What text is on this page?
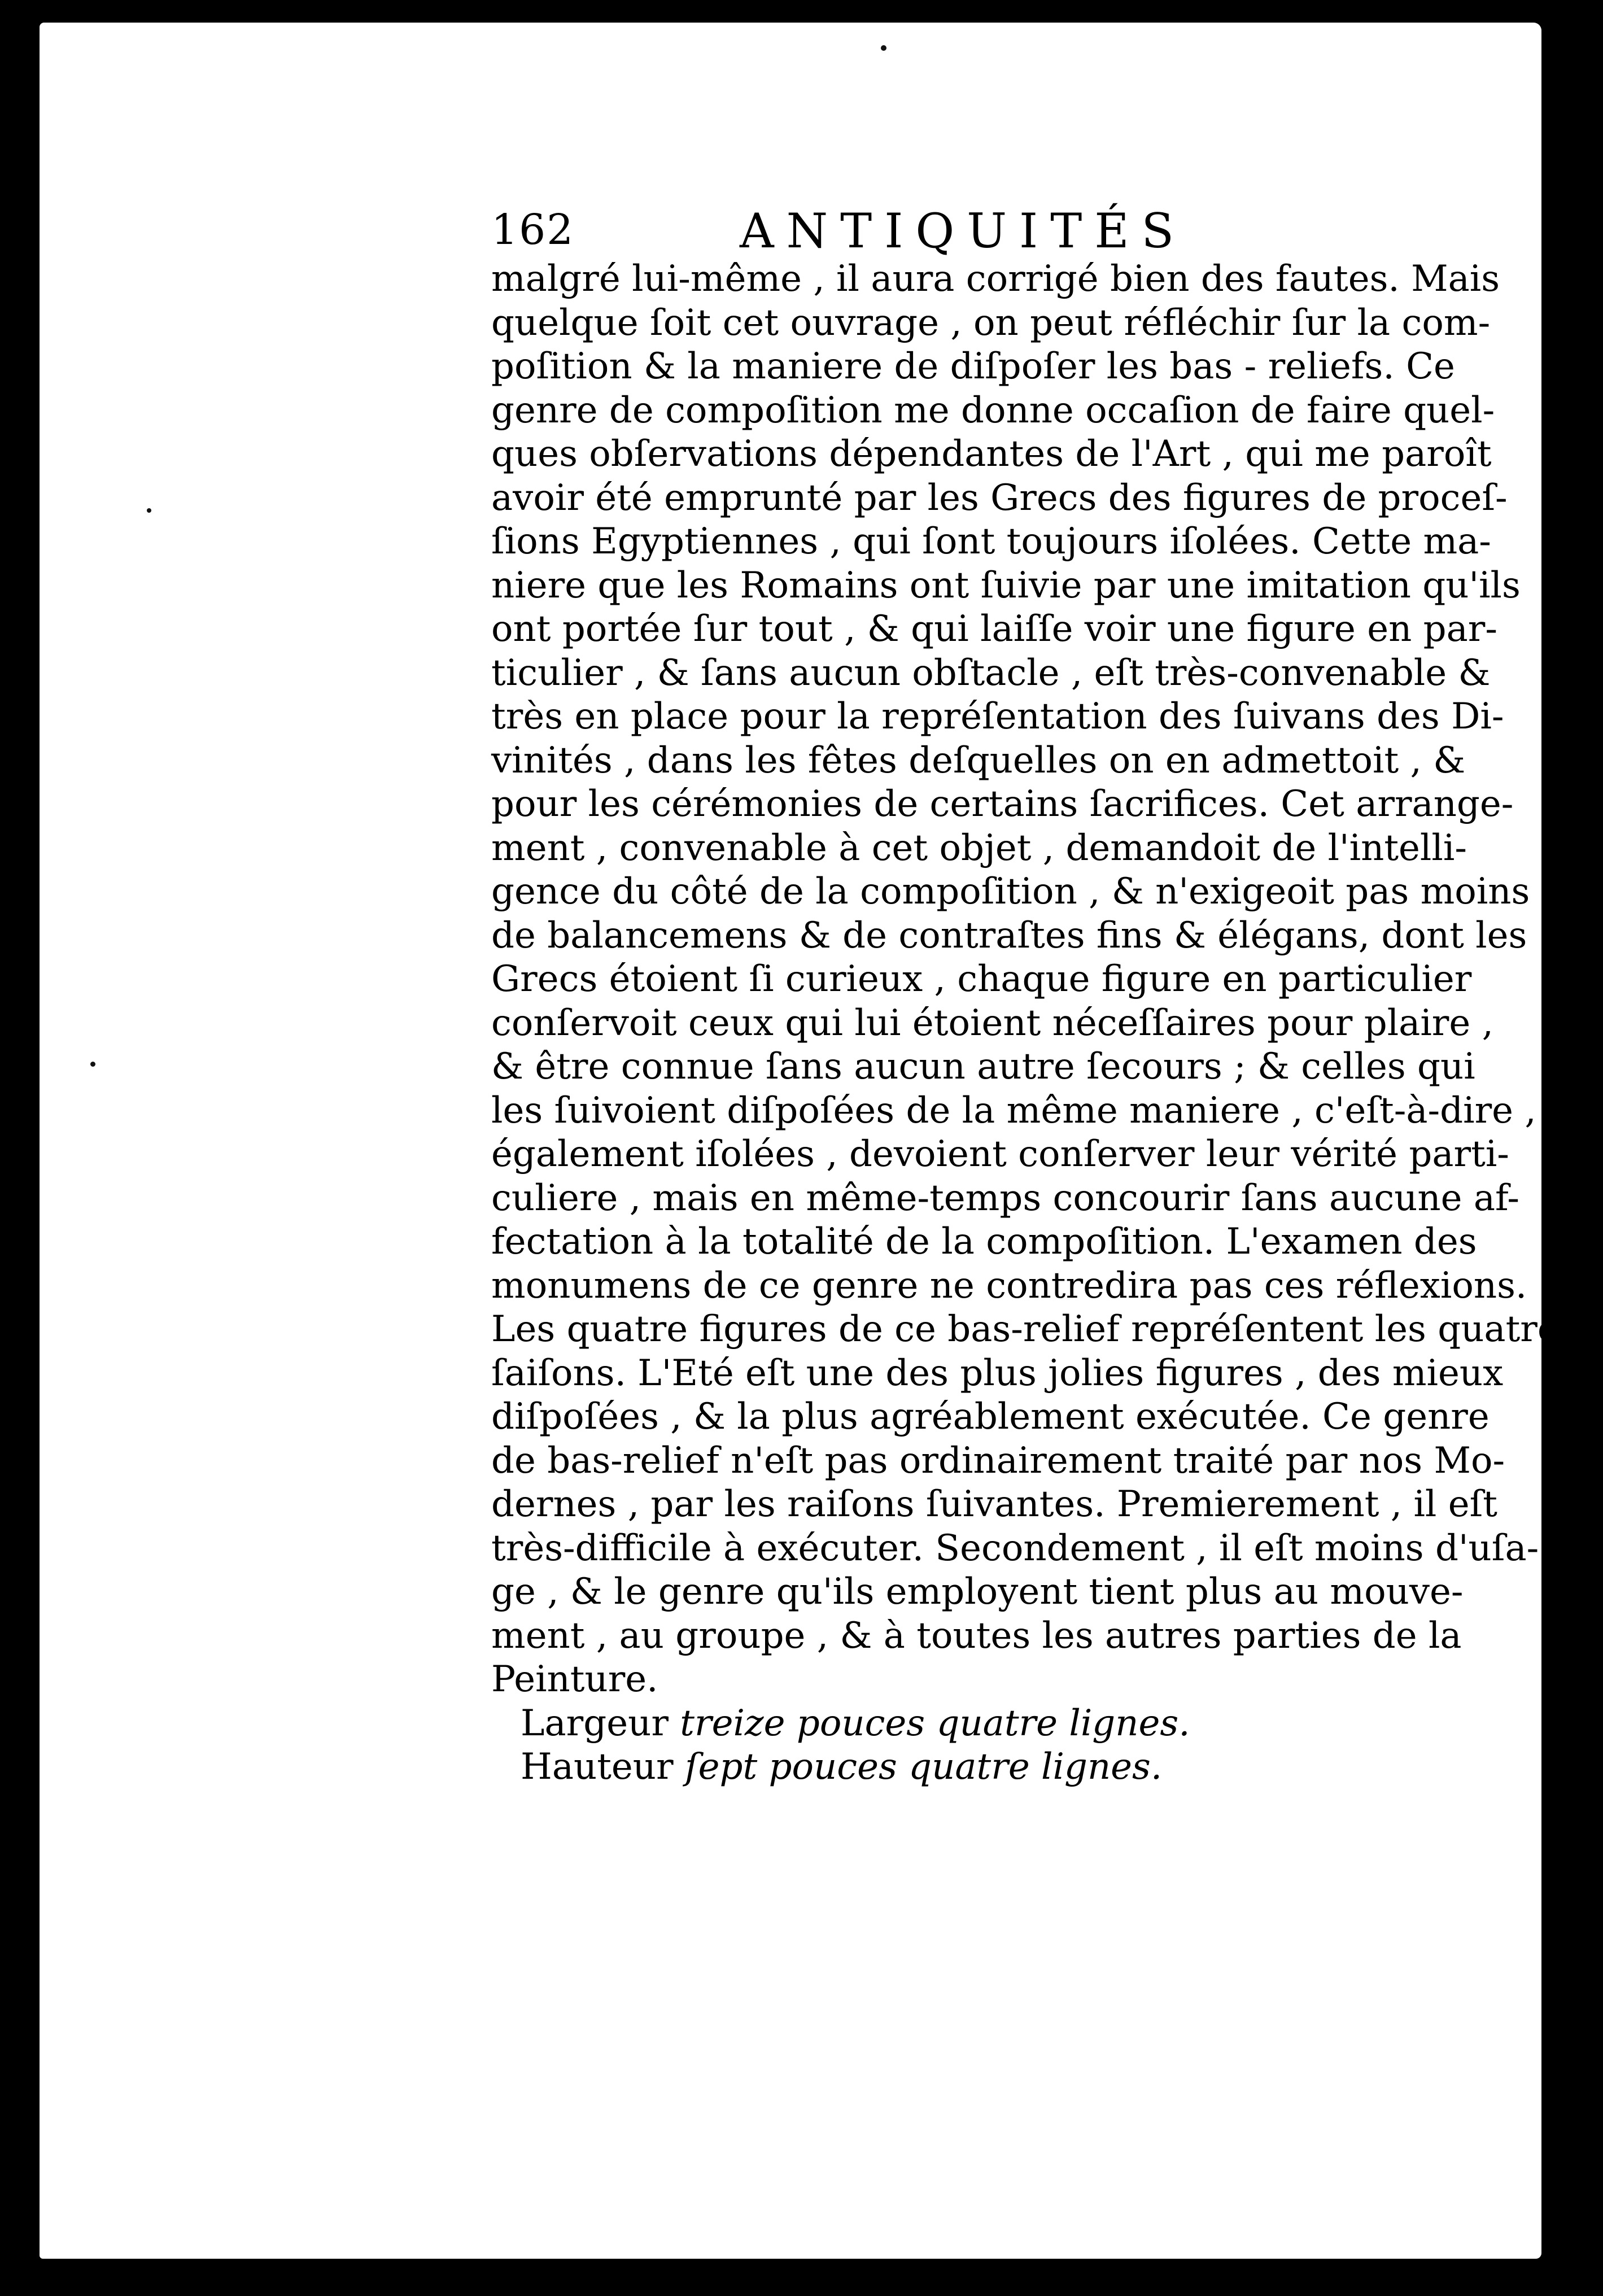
162	ANTIQUITÉS
malgré lui-même , il aura corrigé bien des fautes. Mais
quelque ſoit cet ouvrage , on peut réfléchir ſur la com-
poſition & la maniere de diſpoſer les bas - reliefs. Ce
genre de compoſition me donne occaſion de faire quel-
ques obſervations dépendantes de l'Art , qui me paroît
avoir été emprunté par les Grecs des figures de proceſ-
ſions Egyptiennes , qui ſont toujours iſolées. Cette ma-
niere que les Romains ont ſuivie par une imitation qu'ils
ont portée ſur tout , & qui laiſſe voir une figure en par-
ticulier , & ſans aucun obſtacle , eſt très-convenable &
très en place pour la repréſentation des ſuivans des Di-
vinités , dans les fêtes deſquelles on en admettoit , &
pour les cérémonies de certains ſacrifices. Cet arrange-
ment , convenable à cet objet , demandoit de l'intelli-
gence du côté de la compoſition , & n'exigeoit pas moins
de balancemens & de contraſtes fins & élégans, dont les
Grecs étoient ſi curieux , chaque figure en particulier
conſervoit ceux qui lui étoient néceſſaires pour plaire ,
& être connue ſans aucun autre ſecours ; & celles qui
les ſuivoient diſpoſées de la même maniere , c'eſt-à-dire ,
également iſolées , devoient conſerver leur vérité parti-
culiere , mais en même-temps concourir ſans aucune af-
fectation à la totalité de la compoſition. L'examen des
monumens de ce genre ne contredira pas ces réflexions.
Les quatre figures de ce bas-relief repréſentent les quatre
ſaiſons. L'Eté eſt une des plus jolies figures , des mieux
diſpoſées , & la plus agréablement exécutée. Ce genre
de bas-relief n'eſt pas ordinairement traité par nos Mo-
dernes , par les raiſons ſuivantes. Premierement , il eſt
très-difficile à exécuter. Secondement , il eſt moins d'uſa-
ge , & le genre qu'ils employent tient plus au mouve-
ment , au groupe , & à toutes les autres parties de la
Peinture.
Largeur treize pouces quatre lignes.
Hauteur ſept pouces quatre lignes.
